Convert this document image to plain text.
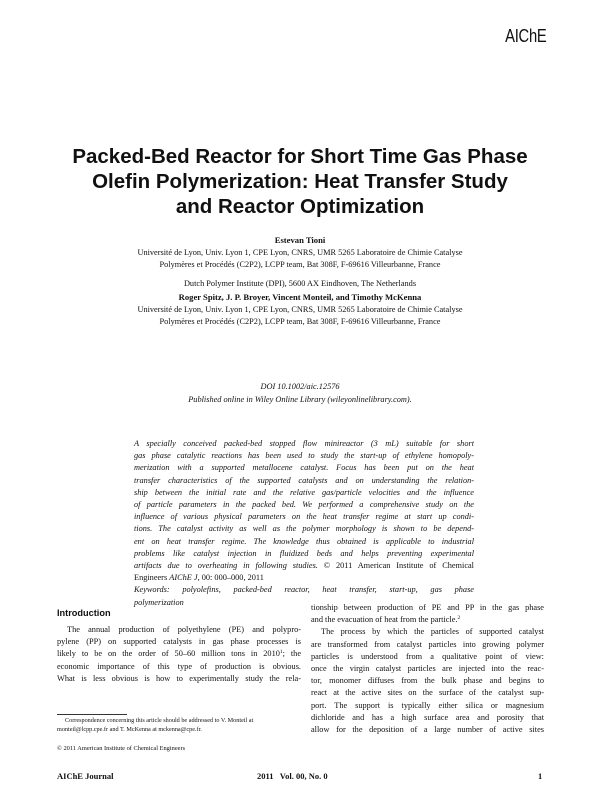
AIChE
Packed-Bed Reactor for Short Time Gas Phase
Olefin Polymerization: Heat Transfer Study
and Reactor Optimization
Estevan Tioni
Université de Lyon, Univ. Lyon 1, CPE Lyon, CNRS, UMR 5265 Laboratoire de Chimie Catalyse
Polymères et Procédés (C2P2), LCPP team, Bat 308F, F-69616 Villeurbanne, France
Dutch Polymer Institute (DPI), 5600 AX Eindhoven, The Netherlands
Roger Spitz, J. P. Broyer, Vincent Monteil, and Timothy McKenna
Université de Lyon, Univ. Lyon 1, CPE Lyon, CNRS, UMR 5265 Laboratoire de Chimie Catalyse
Polymères et Procédés (C2P2), LCPP team, Bat 308F, F-69616 Villeurbanne, France
DOI 10.1002/aic.12576
Published online in Wiley Online Library (wileyonlinelibrary.com).
A specially conceived packed-bed stopped flow minireactor (3 mL) suitable for short
gas phase catalytic reactions has been used to study the start-up of ethylene homopoly-
merization with a supported metallocene catalyst. Focus has been put on the heat
transfer characteristics of the supported catalysts and on understanding the relation-
ship between the initial rate and the relative gas/particle velocities and the influence
of particle parameters in the packed bed. We performed a comprehensive study on the
influence of various physical parameters on the heat transfer regime at start up condi-
tions. The catalyst activity as well as the polymer morphology is shown to be depend-
ent on heat transfer regime. The knowledge thus obtained is applicable to industrial
problems like catalyst injection in fluidized beds and helps preventing experimental
artifacts due to overheating in following studies. © 2011 American Institute of Chemical
Engineers AIChE J, 00: 000–000, 2011
Keywords: polyolefins, packed-bed reactor, heat transfer, start-up, gas phase
polymerization
Introduction
The annual production of polyethylene (PE) and polypro-
pylene (PP) on supported catalysts in gas phase processes is
likely to be on the order of 50–60 million tons in 2010$^1$; the
economic importance of this type of production is obvious.
What is less obvious is how to experimentally study the rela-
tionship between production of PE and PP in the gas phase
and the evacuation of heat from the particle.$^2$
The process by which the particles of supported catalyst
are transformed from catalyst particles into growing polymer
particles is understood from a qualitative point of view:
once the virgin catalyst particles are injected into the reac-
tor, monomer diffuses from the bulk phase and begins to
react at the active sites on the surface of the catalyst sup-
port. The support is typically either silica or magnesium
dichloride and has a high surface area and porosity that
allow for the deposition of a large number of active sites
Correspondence concerning this article should be addressed to V. Monteil at
monteil@lcpp.cpe.fr and T. McKenna at mckenna@cpe.fr.
© 2011 American Institute of Chemical Engineers
AIChE Journal	2011   Vol. 00, No. 0	1
